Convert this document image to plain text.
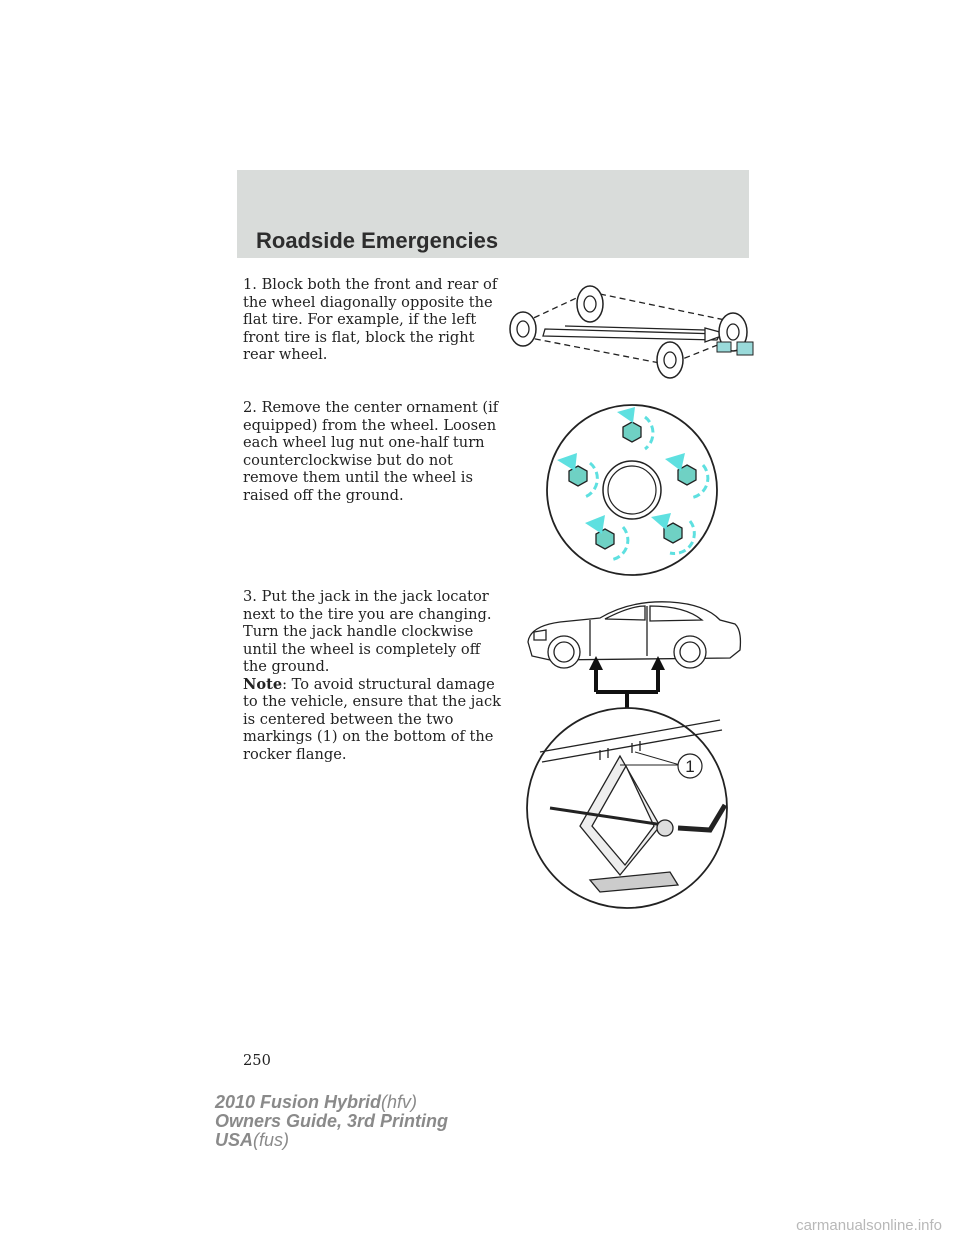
Roadside Emergencies

1. Block both the front and rear of the wheel diagonally opposite the flat tire. For example, if the left front tire is flat, block the right rear wheel.

2. Remove the center ornament (if equipped) from the wheel. Loosen each wheel lug nut one-half turn counterclockwise but do not remove them until the wheel is raised off the ground.

3. Put the jack in the jack locator next to the tire you are changing. Turn the jack handle clockwise until the wheel is completely off the ground.

Note: To avoid structural damage to the vehicle, ensure that the jack is centered between the two markings (1) on the bottom of the rocker flange.

1
250
2010 Fusion Hybrid(hfv)
Owners Guide, 3rd Printing
USA(fus)
carmanualsonline.info
